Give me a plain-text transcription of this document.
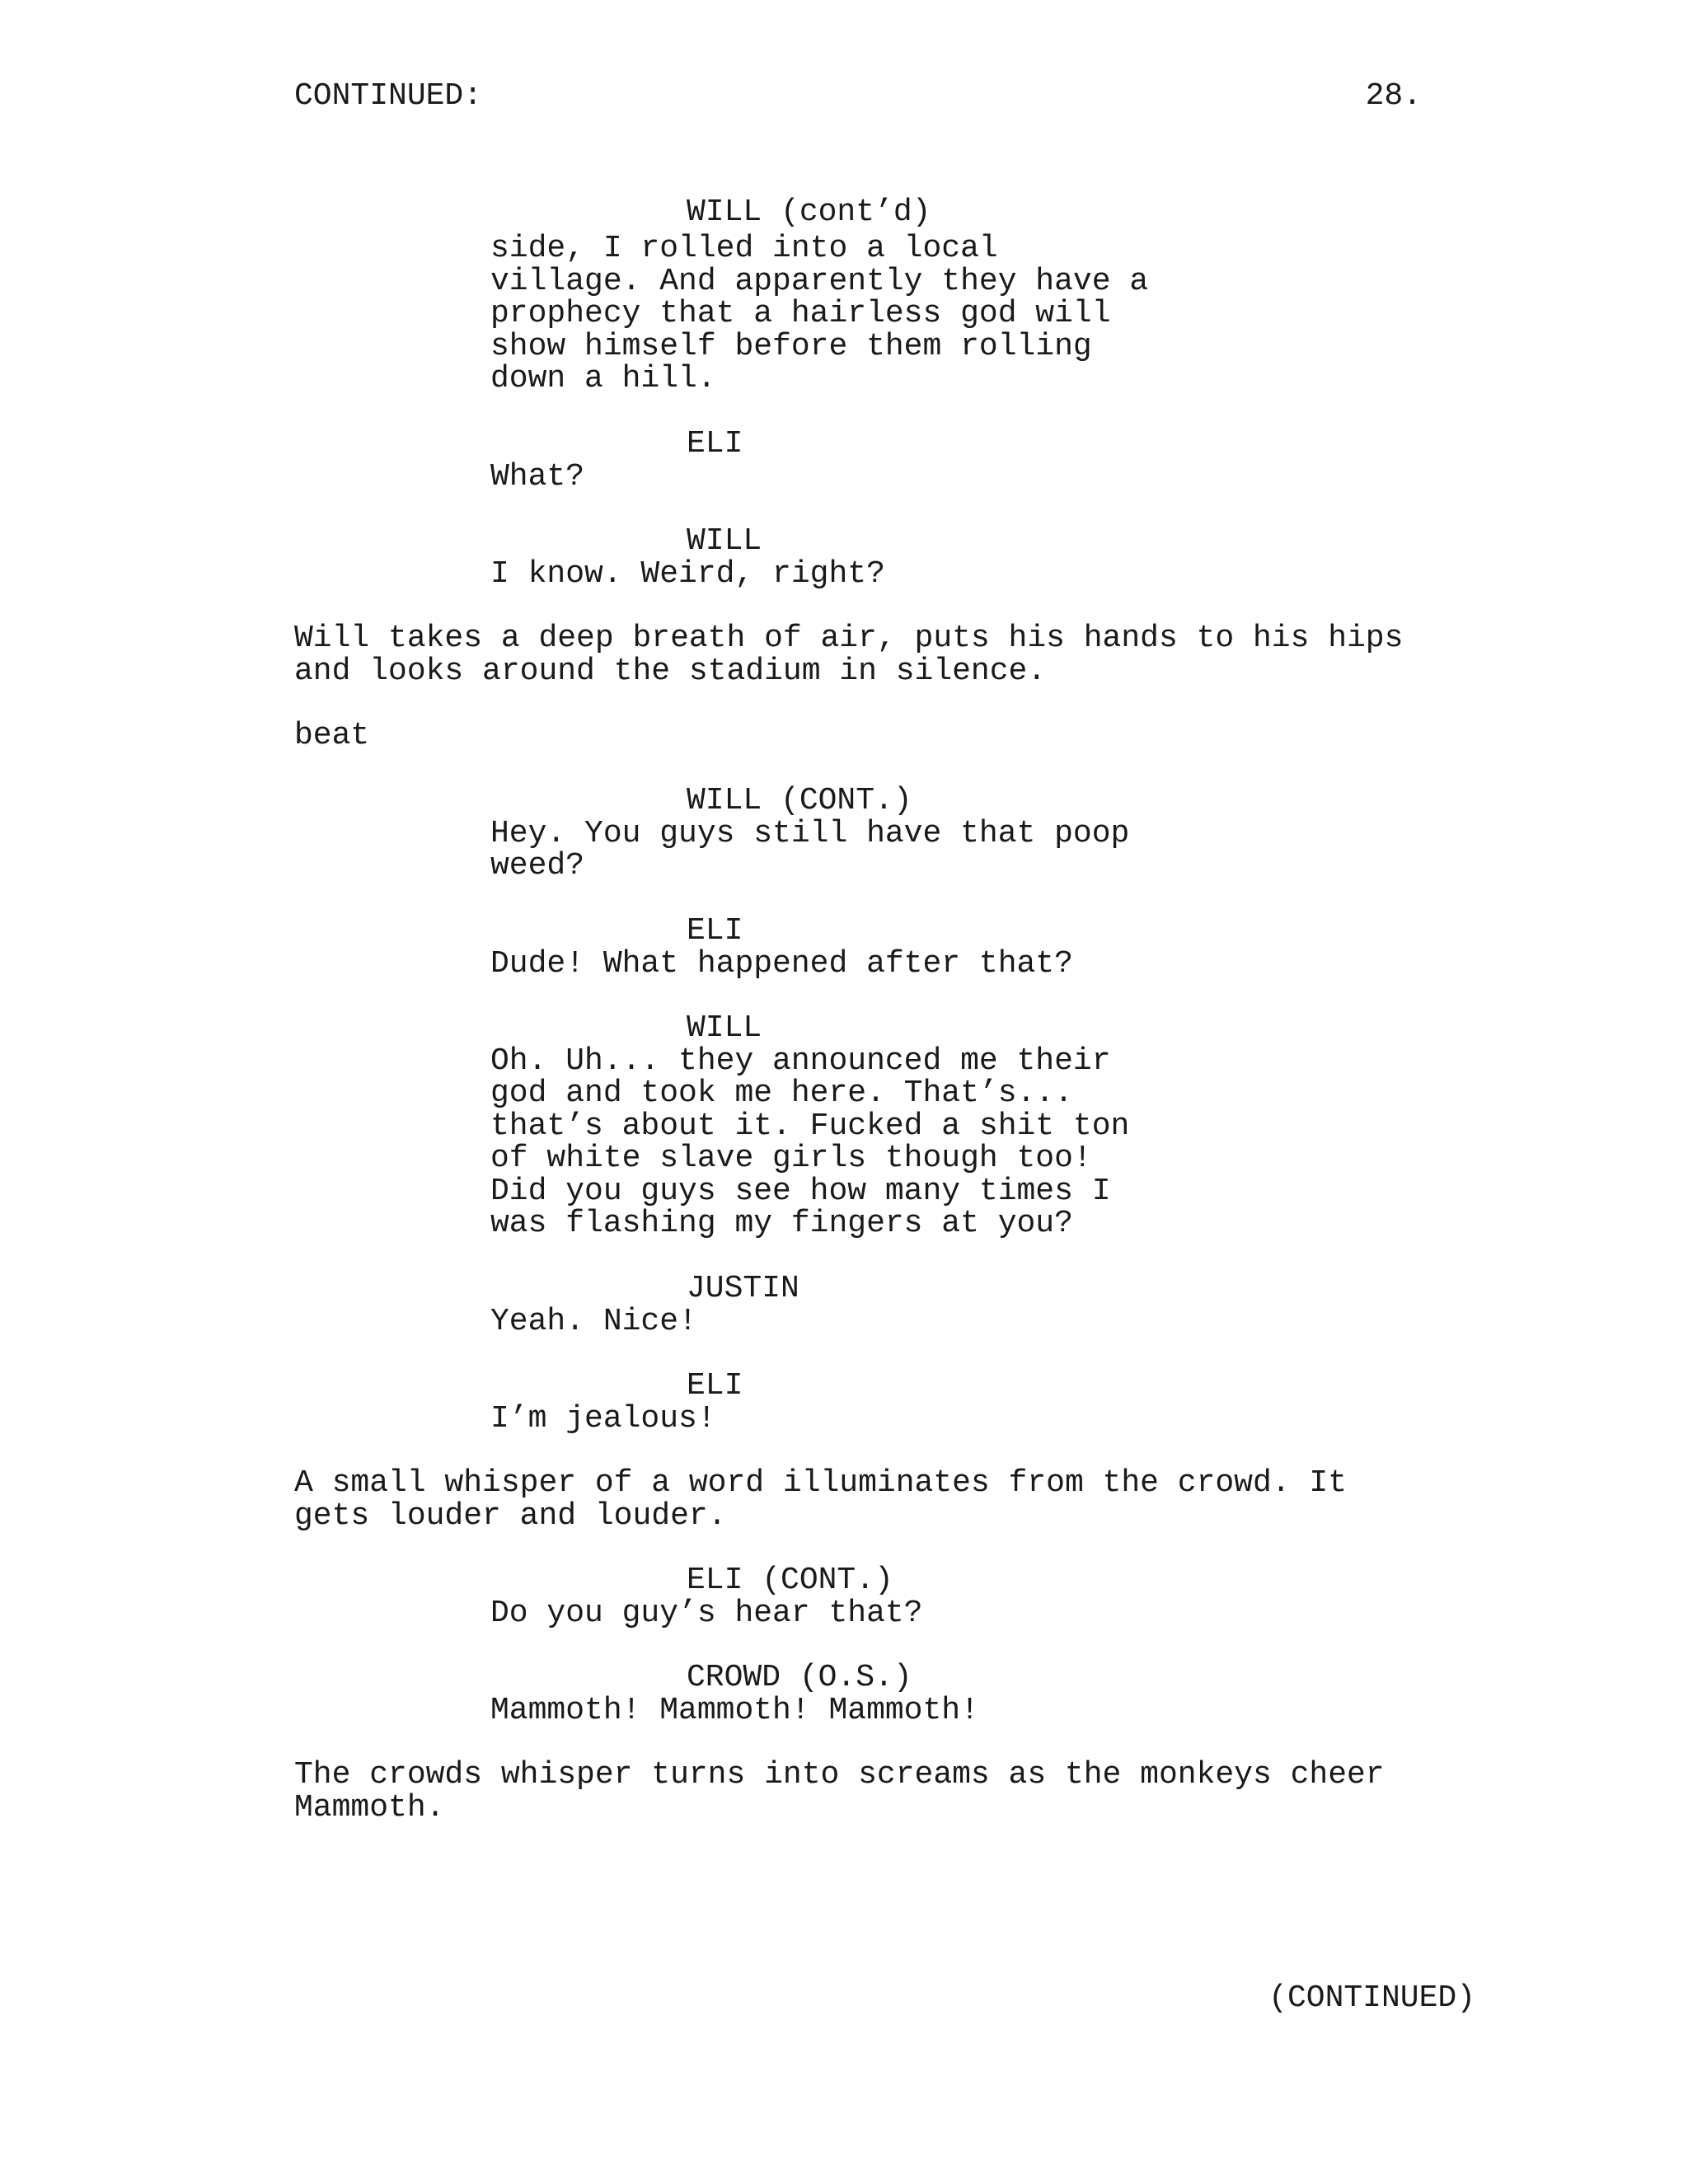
CONTINUED:	28.
WILL (cont’d)
side, I rolled into a local
village. And apparently they have a
prophecy that a hairless god will
show himself before them rolling
down a hill.
ELI
What?
WILL
I know. Weird, right?
Will takes a deep breath of air, puts his hands to his hips
and looks around the stadium in silence.
beat
WILL (CONT.)
Hey. You guys still have that poop
weed?
ELI
Dude! What happened after that?
WILL
Oh. Uh... they announced me their
god and took me here. That’s...
that’s about it. Fucked a shit ton
of white slave girls though too!
Did you guys see how many times I
was flashing my fingers at you?
JUSTIN
Yeah. Nice!
ELI
I’m jealous!
A small whisper of a word illuminates from the crowd. It
gets louder and louder.
ELI (CONT.)
Do you guy’s hear that?
CROWD (O.S.)
Mammoth! Mammoth! Mammoth!
The crowds whisper turns into screams as the monkeys cheer
Mammoth.
(CONTINUED)
